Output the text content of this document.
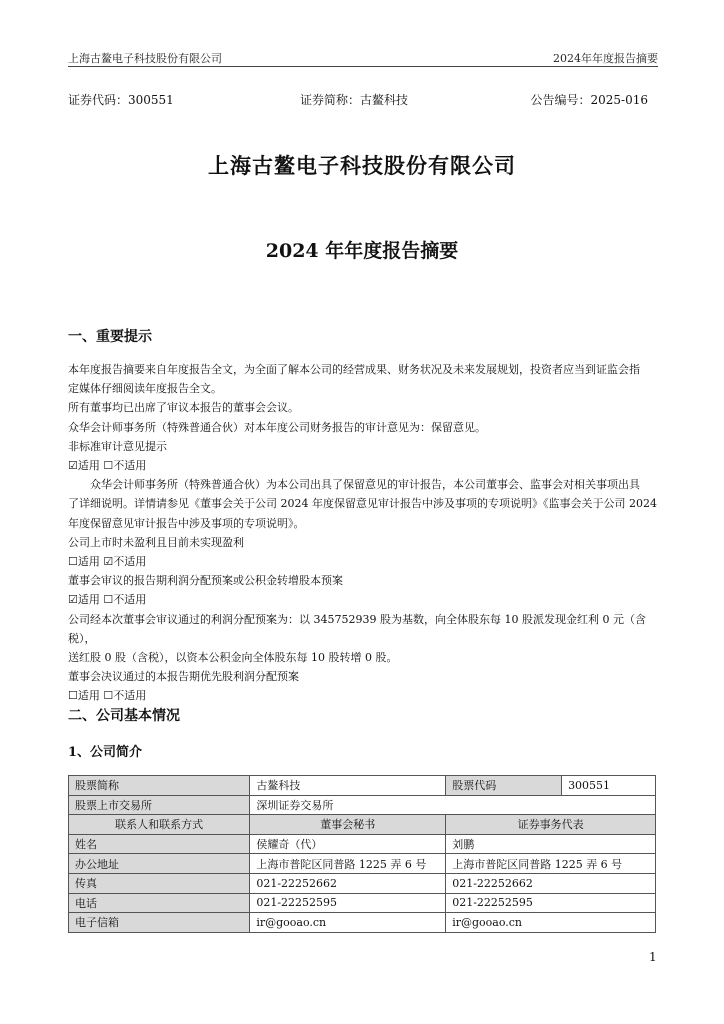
上海古鳌电子科技股份有限公司	2024年年度报告摘要
证券代码：300551	证券简称：古鳌科技	公告编号：2025-016
上海古鳌电子科技股份有限公司
2024 年年度报告摘要
一、重要提示

本年度报告摘要来自年度报告全文，为全面了解本公司的经营成果、财务状况及未来发展规划，投资者应当到证监会指

定媒体仔细阅读年度报告全文。

所有董事均已出席了审议本报告的董事会会议。

众华会计师事务所（特殊普通合伙）对本年度公司财务报告的审计意见为：保留意见。

非标准审计意见提示

☑适用 ☐不适用

众华会计师事务所（特殊普通合伙）为本公司出具了保留意见的审计报告，本公司董事会、监事会对相关事项出具

了详细说明。详情请参见《董事会关于公司 2024 年度保留意见审计报告中涉及事项的专项说明》《监事会关于公司 2024

年度保留意见审计报告中涉及事项的专项说明》。

公司上市时未盈利且目前未实现盈利

☐适用 ☑不适用

董事会审议的报告期利润分配预案或公积金转增股本预案

☑适用 ☐不适用

公司经本次董事会审议通过的利润分配预案为：以 345752939 股为基数，向全体股东每 10 股派发现金红利 0 元（含税），

送红股 0 股（含税），以资本公积金向全体股东每 10 股转增 0 股。

董事会决议通过的本报告期优先股利润分配预案

☐适用 ☐不适用

二、公司基本情况
1、公司简介
股票简称	古鳌科技	股票代码	300551
股票上市交易所	深圳证券交易所		
联系人和联系方式	董事会秘书	证券事务代表	
姓名	侯耀奇（代）	刘鹏	
办公地址	上海市普陀区同普路 1225 弄 6 号	上海市普陀区同普路 1225 弄 6 号	
传真	021-22252662	021-22252662	
电话	021-22252595	021-22252595	
电子信箱	ir@gooao.cn	ir@gooao.cn	
1
